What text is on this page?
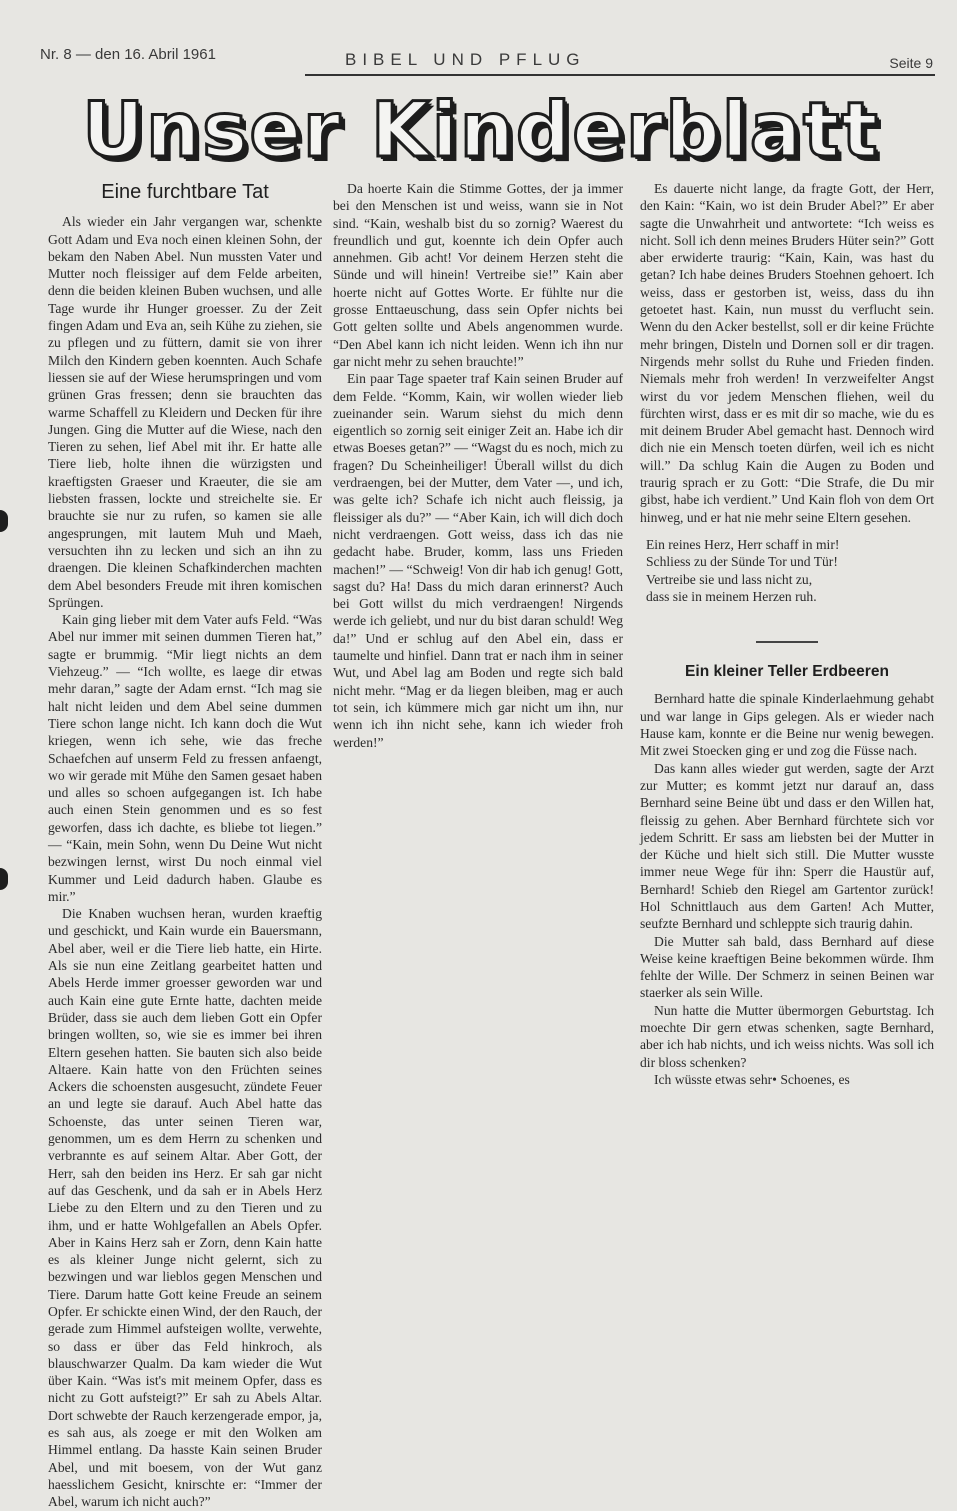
Nr. 8 — den 16. Abril 1961	BIBEL UND PFLUG	Seite 9
Unser Kinderblatt
Eine furchtbare Tat

Als wieder ein Jahr vergangen war, schenkte Gott Adam und Eva noch einen kleinen Sohn, der bekam den Naben Abel. Nun mussten Vater und Mutter noch fleissiger auf dem Felde arbeiten, denn die beiden kleinen Buben wuchsen, und alle Tage wurde ihr Hunger groesser. Zu der Zeit fingen Adam und Eva an, seih Kühe zu ziehen, sie zu pflegen und zu füttern, damit sie von ihrer Milch den Kindern geben koennten. Auch Schafe liessen sie auf der Wiese herumspringen und vom grünen Gras fressen; denn sie brauchten das warme Schaffell zu Kleidern und Decken für ihre Jungen. Ging die Mutter auf die Wiese, nach den Tieren zu sehen, lief Abel mit ihr. Er hatte alle Tiere lieb, holte ihnen die würzigsten und kraeftigsten Graeser und Kraeuter, die sie am liebsten frassen, lockte und streichelte sie. Er brauchte sie nur zu rufen, so kamen sie alle angesprungen, mit lautem Muh und Maeh, versuchten ihn zu lecken und sich an ihn zu draengen. Die kleinen Schafkinderchen machten dem Abel besonders Freude mit ihren komischen Sprüngen.

Kain ging lieber mit dem Vater aufs Feld. “Was Abel nur immer mit seinen dummen Tieren hat,” sagte er brummig. “Mir liegt nichts an dem Viehzeug.” — “Ich wollte, es laege dir etwas mehr daran,” sagte der Adam ernst. “Ich mag sie halt nicht leiden und dem Abel seine dummen Tiere schon lange nicht. Ich kann doch die Wut kriegen, wenn ich sehe, wie das freche Schaefchen auf unserm Feld zu fressen anfaengt, wo wir gerade mit Mühe den Samen gesaet haben und alles so schoen aufgegangen ist. Ich habe auch einen Stein genommen und es so fest geworfen, dass ich dachte, es bliebe tot liegen.” — “Kain, mein Sohn, wenn Du Deine Wut nicht bezwingen lernst, wirst Du noch einmal viel Kummer und Leid dadurch haben. Glaube es mir.”

Die Knaben wuchsen heran, wurden kraeftig und geschickt, und Kain wurde ein Bauersmann, Abel aber, weil er die Tiere lieb hatte, ein Hirte. Als sie nun eine Zeitlang gearbeitet hatten und Abels Herde immer groesser geworden war und auch Kain eine gute Ernte hatte, dachten meide Brüder, dass sie auch dem lieben Gott ein Opfer bringen wollten, so, wie sie es immer bei ihren Eltern gesehen hatten. Sie bauten sich also beide Altaere. Kain hatte von den Früchten seines Ackers die schoensten ausgesucht, zündete Feuer an und legte sie darauf. Auch Abel hatte das Schoenste, das unter seinen Tieren war, genommen, um es dem Herrn zu schenken und verbrannte es auf seinem Altar. Aber Gott, der Herr, sah den beiden ins Herz. Er sah gar nicht auf das Geschenk, und da sah er in Abels Herz Liebe zu den Eltern und zu den Tieren und zu ihm, und er hatte Wohlgefallen an Abels Opfer. Aber in Kains Herz sah er Zorn, denn Kain hatte es als kleiner Junge nicht gelernt, sich zu bezwingen und war lieblos gegen Menschen und Tiere. Darum hatte Gott keine Freude an seinem Opfer. Er schickte einen Wind, der den Rauch, der gerade zum Himmel aufsteigen wollte, verwehte, so dass er über das Feld hinkroch, als blauschwarzer Qualm. Da kam wieder die Wut über Kain. “Was ist's mit meinem Opfer, dass es nicht zu Gott aufsteigt?” Er sah zu Abels Altar. Dort schwebte der Rauch kerzengerade empor, ja, es sah aus, als zoege er mit den Wolken am Himmel entlang. Da hasste Kain seinen Bruder Abel, und mit boesem, von der Wut ganz haesslichem Gesicht, knirschte er: “Immer der Abel, warum ich nicht auch?”

Da hoerte Kain die Stimme Gottes, der ja immer bei den Menschen ist und weiss, wann sie in Not sind. “Kain, weshalb bist du so zornig? Waerest du freundlich und gut, koennte ich dein Opfer auch annehmen. Gib acht! Vor deinem Herzen steht die Sünde und will hinein! Vertreibe sie!” Kain aber hoerte nicht auf Gottes Worte. Er fühlte nur die grosse Enttaeuschung, dass sein Opfer nichts bei Gott gelten sollte und Abels angenommen wurde. “Den Abel kann ich nicht leiden. Wenn ich ihn nur gar nicht mehr zu sehen brauchte!”

Ein paar Tage spaeter traf Kain seinen Bruder auf dem Felde. “Komm, Kain, wir wollen wieder lieb zueinander sein. Warum siehst du mich denn eigentlich so zornig seit einiger Zeit an. Habe ich dir etwas Boeses getan?” — “Wagst du es noch, mich zu fragen? Du Scheinheiliger! Überall willst du dich verdraengen, bei der Mutter, dem Vater —, und ich, was gelte ich? Schafe ich nicht auch fleissig, ja fleissiger als du?” — “Aber Kain, ich will dich doch nicht verdraengen. Gott weiss, dass ich das nie gedacht habe. Bruder, komm, lass uns Frieden machen!” — “Schweig! Von dir hab ich genug! Gott, sagst du? Ha! Dass du mich daran erinnerst? Auch bei Gott willst du mich verdraengen! Nirgends werde ich geliebt, und nur du bist daran schuld! Weg da!” Und er schlug auf den Abel ein, dass er taumelte und hinfiel. Dann trat er nach ihm in seiner Wut, und Abel lag am Boden und regte sich bald nicht mehr. “Mag er da liegen bleiben, mag er auch tot sein, ich kümmere mich gar nicht um ihn, nur wenn ich ihn nicht sehe, kann ich wieder froh werden!”

Es dauerte nicht lange, da fragte Gott, der Herr, den Kain: “Kain, wo ist dein Bruder Abel?” Er aber sagte die Unwahrheit und antwortete: “Ich weiss es nicht. Soll ich denn meines Bruders Hüter sein?” Gott aber erwiderte traurig: “Kain, Kain, was hast du getan? Ich habe deines Bruders Stoehnen gehoert. Ich weiss, dass er gestorben ist, weiss, dass du ihn getoetet hast. Kain, nun musst du verflucht sein. Wenn du den Acker bestellst, soll er dir keine Früchte mehr bringen, Disteln und Dornen soll er dir tragen. Nirgends mehr sollst du Ruhe und Frieden finden. Niemals mehr froh werden! In verzweifelter Angst wirst du vor jedem Menschen fliehen, weil du fürchten wirst, dass er es mit dir so mache, wie du es mit deinem Bruder Abel gemacht hast. Dennoch wird dich nie ein Mensch toeten dürfen, weil ich es nicht will.” Da schlug Kain die Augen zu Boden und traurig sprach er zu Gott: “Die Strafe, die Du mir gibst, habe ich verdient.” Und Kain floh von dem Ort hinweg, und er hat nie mehr seine Eltern gesehen.

Ein reines Herz, Herr schaff in mir!
Schliess zu der Sünde Tor und Tür!
Vertreibe sie und lass nicht zu,
dass sie in meinem Herzen ruh.
Ein kleiner Teller Erdbeeren

Bernhard hatte die spinale Kinderlaehmung gehabt und war lange in Gips gelegen. Als er wieder nach Hause kam, konnte er die Beine nur wenig bewegen. Mit zwei Stoecken ging er und zog die Füsse nach.

Das kann alles wieder gut werden, sagte der Arzt zur Mutter; es kommt jetzt nur darauf an, dass Bernhard seine Beine übt und dass er den Willen hat, fleissig zu gehen. Aber Bernhard fürchtete sich vor jedem Schritt. Er sass am liebsten bei der Mutter in der Küche und hielt sich still. Die Mutter wusste immer neue Wege für ihn: Sperr die Haustür auf, Bernhard! Schieb den Riegel am Gartentor zurück! Hol Schnittlauch aus dem Garten! Ach Mutter, seufzte Bernhard und schleppte sich traurig dahin.

Die Mutter sah bald, dass Bernhard auf diese Weise keine kraeftigen Beine bekommen würde. Ihm fehlte der Wille. Der Schmerz in seinen Beinen war staerker als sein Wille.

Nun hatte die Mutter übermorgen Geburtstag. Ich moechte Dir gern etwas schenken, sagte Bernhard, aber ich hab nichts, und ich weiss nichts. Was soll ich dir bloss schenken?

Ich wüsste etwas sehr• Schoenes, es
